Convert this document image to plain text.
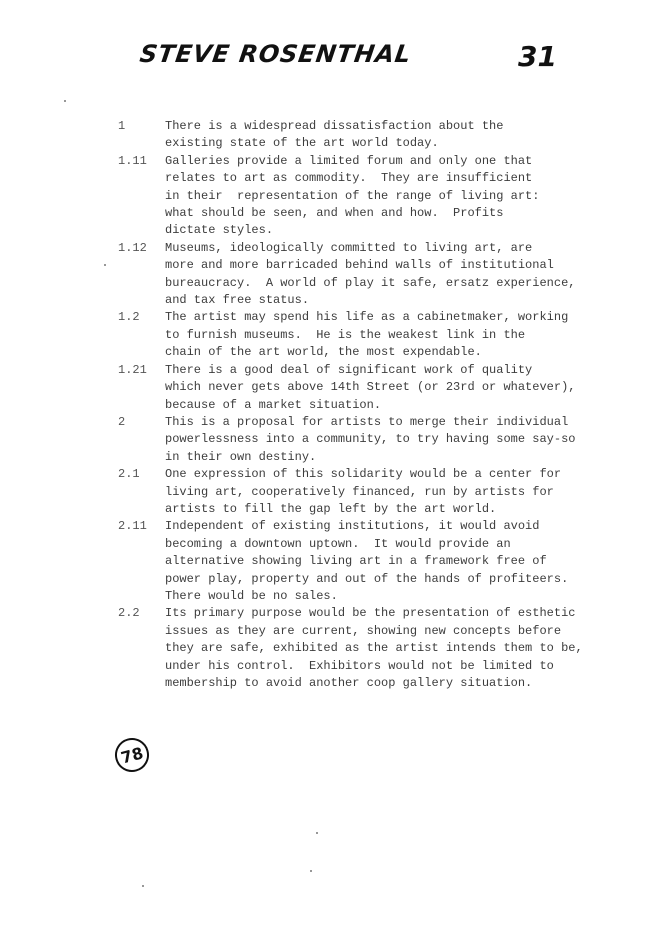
STEVE ROSENTHAL	31
1	There is a widespread dissatisfaction about the
existing state of the art world today.
1.11	Galleries provide a limited forum and only one that
relates to art as commodity.  They are insufficient
in their  representation of the range of living art:
what should be seen, and when and how.  Profits
dictate styles.
1.12	Museums, ideologically committed to living art, are
more and more barricaded behind walls of institutional
bureaucracy.  A world of play it safe, ersatz experience,
and tax free status.
1.2	The artist may spend his life as a cabinetmaker, working
to furnish museums.  He is the weakest link in the
chain of the art world, the most expendable.
1.21	There is a good deal of significant work of quality
which never gets above 14th Street (or 23rd or whatever),
because of a market situation.
2	This is a proposal for artists to merge their individual
powerlessness into a community, to try having some say-so
in their own destiny.
2.1	One expression of this solidarity would be a center for
living art, cooperatively financed, run by artists for
artists to fill the gap left by the art world.
2.11	Independent of existing institutions, it would avoid
becoming a downtown uptown.  It would provide an
alternative showing living art in a framework free of
power play, property and out of the hands of profiteers.
There would be no sales.
2.2	Its primary purpose would be the presentation of esthetic
issues as they are current, showing new concepts before
they are safe, exhibited as the artist intends them to be,
under his control.  Exhibitors would not be limited to
membership to avoid another coop gallery situation.
78
